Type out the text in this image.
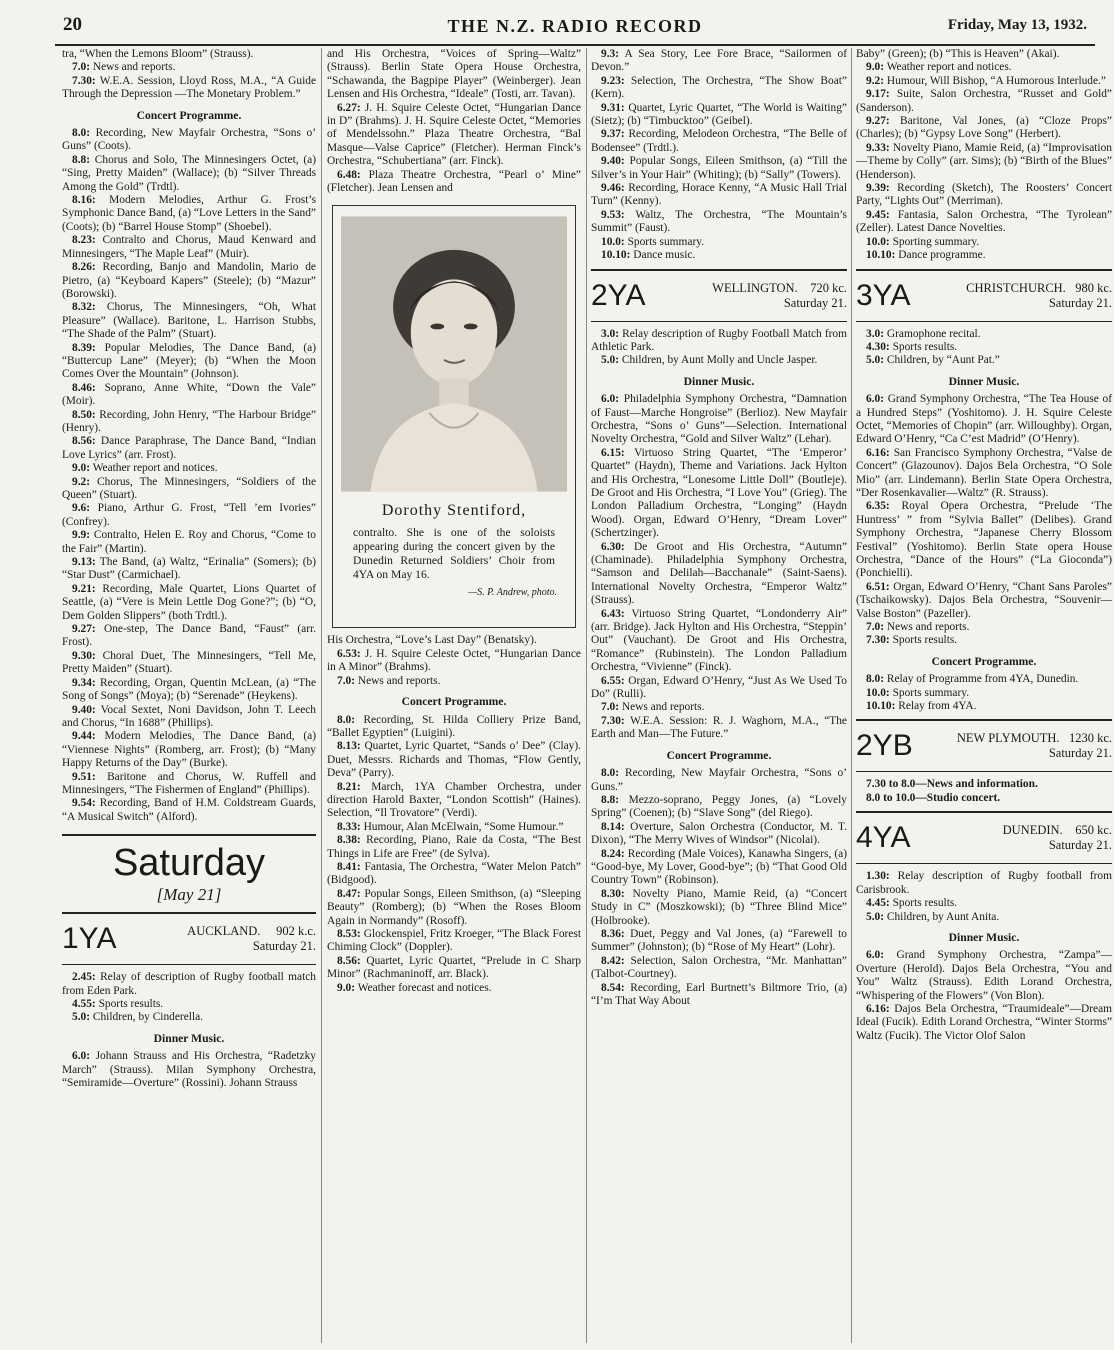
20	THE N.Z. RADIO RECORD	Friday, May 13, 1932.

tra, “When the Lemons Bloom” (Strauss).

7.0: News and reports.

7.30: W.E.A. Session, Lloyd Ross, M.A., “A Guide Through the Depression —The Monetary Problem.”

Concert Programme.

8.0: Recording, New Mayfair Orchestra, “Sons o’ Guns” (Coots).

8.8: Chorus and Solo, The Minnesingers Octet, (a) “Sing, Pretty Maiden” (Wallace); (b) “Silver Threads Among the Gold” (Trdtl).

8.16: Modern Melodies, Arthur G. Frost’s Symphonic Dance Band, (a) “Love Letters in the Sand” (Coots); (b) “Barrel House Stomp” (Shoebel).

8.23: Contralto and Chorus, Maud Kenward and Minnesingers, “The Maple Leaf” (Muir).

8.26: Recording, Banjo and Mandolin, Mario de Pietro, (a) “Keyboard Kapers” (Steele); (b) “Mazur” (Borowski).

8.32: Chorus, The Minnesingers, “Oh, What Pleasure” (Wallace). Baritone, L. Harrison Stubbs, “The Shade of the Palm” (Stuart).

8.39: Popular Melodies, The Dance Band, (a) “Buttercup Lane” (Meyer); (b) “When the Moon Comes Over the Mountain” (Johnson).

8.46: Soprano, Anne White, “Down the Vale” (Moir).

8.50: Recording, John Henry, “The Harbour Bridge” (Henry).

8.56: Dance Paraphrase, The Dance Band, “Indian Love Lyrics” (arr. Frost).

9.0: Weather report and notices.

9.2: Chorus, The Minnesingers, “Soldiers of the Queen” (Stuart).

9.6: Piano, Arthur G. Frost, “Tell ’em Ivories” (Confrey).

9.9: Contralto, Helen E. Roy and Chorus, “Come to the Fair” (Martin).

9.13: The Band, (a) Waltz, “Erinalia” (Somers); (b) “Star Dust” (Carmichael).

9.21: Recording, Male Quartet, Lions Quartet of Seattle, (a) “Vere is Mein Lettle Dog Gone?”; (b) “O, Dem Golden Slippers” (both Trdtl.).

9.27: One-step, The Dance Band, “Faust” (arr. Frost).

9.30: Choral Duet, The Minnesingers, “Tell Me, Pretty Maiden” (Stuart).

9.34: Recording, Organ, Quentin McLean, (a) “The Song of Songs” (Moya); (b) “Serenade” (Heykens).

9.40: Vocal Sextet, Noni Davidson, John T. Leech and Chorus, “In 1688” (Phillips).

9.44: Modern Melodies, The Dance Band, (a) “Viennese Nights” (Romberg, arr. Frost); (b) “Many Happy Returns of the Day” (Burke).

9.51: Baritone and Chorus, W. Ruffell and Minnesingers, “The Fishermen of England” (Phillips).

9.54: Recording, Band of H.M. Coldstream Guards, “A Musical Switch” (Alford).

Saturday
[May 21]
1YA	AUCKLAND. 902 k.c.
Saturday 21.

2.45: Relay of description of Rugby football match from Eden Park.

4.55: Sports results.

5.0: Children, by Cinderella.

Dinner Music.

6.0: Johann Strauss and His Orchestra, “Radetzky March” (Strauss). Milan Symphony Orchestra, “Semiramide—Overture” (Rossini). Johann Strauss

and His Orchestra, “Voices of Spring—Waltz” (Strauss). Berlin State Opera House Orchestra, “Schawanda, the Bagpipe Player” (Weinberger). Jean Lensen and His Orchestra, “Ideale” (Tosti, arr. Tavan).

6.27: J. H. Squire Celeste Octet, “Hungarian Dance in D” (Brahms). J. H. Squire Celeste Octet, “Memories of Mendelssohn.” Plaza Theatre Orchestra, “Bal Masque—Valse Caprice” (Fletcher). Herman Finck’s Orchestra, “Schubertiana” (arr. Finck).

6.48: Plaza Theatre Orchestra, “Pearl o’ Mine” (Fletcher). Jean Lensen and

Dorothy Stentiford,

contralto. She is one of the soloists appearing during the concert given by the Dunedin Returned Soldiers’ Choir from 4YA on May 16.

—S. P. Andrew, photo.

His Orchestra, “Love’s Last Day” (Benatsky).

6.53: J. H. Squire Celeste Octet, “Hungarian Dance in A Minor” (Brahms).

7.0: News and reports.

Concert Programme.

8.0: Recording, St. Hilda Colliery Prize Band, “Ballet Egyptien” (Luigini).

8.13: Quartet, Lyric Quartet, “Sands o’ Dee” (Clay). Duet, Messrs. Richards and Thomas, “Flow Gently, Deva” (Parry).

8.21: March, 1YA Chamber Orchestra, under direction Harold Baxter, “London Scottish” (Haines). Selection, “Il Trovatore” (Verdi).

8.33: Humour, Alan McElwain, “Some Humour.”

8.38: Recording, Piano, Raie da Costa, “The Best Things in Life are Free” (de Sylva).

8.41: Fantasia, The Orchestra, “Water Melon Patch” (Bidgood).

8.47: Popular Songs, Eileen Smithson, (a) “Sleeping Beauty” (Romberg); (b) “When the Roses Bloom Again in Normandy” (Rosoff).

8.53: Glockenspiel, Fritz Kroeger, “The Black Forest Chiming Clock” (Doppler).

8.56: Quartet, Lyric Quartet, “Prelude in C Sharp Minor” (Rachmaninoff, arr. Black).

9.0: Weather forecast and notices.

9.3: A Sea Story, Lee Fore Brace, “Sailormen of Devon.”

9.23: Selection, The Orchestra, “The Show Boat” (Kern).

9.31: Quartet, Lyric Quartet, “The World is Waiting” (Sietz); (b) “Timbucktoo” (Geibel).

9.37: Recording, Melodeon Orchestra, “The Belle of Bodensee” (Trdtl.).

9.40: Popular Songs, Eileen Smithson, (a) “Till the Silver’s in Your Hair” (Whiting); (b) “Sally” (Towers).

9.46: Recording, Horace Kenny, “A Music Hall Trial Turn” (Kenny).

9.53: Waltz, The Orchestra, “The Mountain’s Summit” (Faust).

10.0: Sports summary.

10.10: Dance music.

2YA	WELLINGTON. 720 kc.
Saturday 21.

3.0: Relay description of Rugby Football Match from Athletic Park.

5.0: Children, by Aunt Molly and Uncle Jasper.

Dinner Music.

6.0: Philadelphia Symphony Orchestra, “Damnation of Faust—Marche Hongroise” (Berlioz). New Mayfair Orchestra, “Sons o’ Guns”—Selection. International Novelty Orchestra, “Gold and Silver Waltz” (Lehar).

6.15: Virtuoso String Quartet, “The ‘Emperor’ Quartet” (Haydn), Theme and Variations. Jack Hylton and His Orchestra, “Lonesome Little Doll” (Boutleje). De Groot and His Orchestra, “I Love You” (Grieg). The London Palladium Orchestra, “Longing” (Haydn Wood). Organ, Edward O’Henry, “Dream Lover” (Schertzinger).

6.30: De Groot and His Orchestra, “Autumn” (Chaminade). Philadelphia Symphony Orchestra, “Samson and Delilah—Bacchanale” (Saint-Saens). International Novelty Orchestra, “Emperor Waltz” (Strauss).

6.43: Virtuoso String Quartet, “Londonderry Air” (arr. Bridge). Jack Hylton and His Orchestra, “Steppin’ Out” (Vauchant). De Groot and His Orchestra, “Romance” (Rubinstein). The London Palladium Orchestra, “Vivienne” (Finck).

6.55: Organ, Edward O’Henry, “Just As We Used To Do” (Rulli).

7.0: News and reports.

7.30: W.E.A. Session: R. J. Waghorn, M.A., “The Earth and Man—The Future.”

Concert Programme.

8.0: Recording, New Mayfair Orchestra, “Sons o’ Guns.”

8.8: Mezzo-soprano, Peggy Jones, (a) “Lovely Spring” (Coenen); (b) “Slave Song” (del Riego).

8.14: Overture, Salon Orchestra (Conductor, M. T. Dixon), “The Merry Wives of Windsor” (Nicolai).

8.24: Recording (Male Voices), Kanawha Singers, (a) “Good-bye, My Lover, Good-bye”; (b) “That Good Old Country Town” (Robinson).

8.30: Novelty Piano, Mamie Reid, (a) “Concert Study in C” (Moszkowski); (b) “Three Blind Mice” (Holbrooke).

8.36: Duet, Peggy and Val Jones, (a) “Farewell to Summer” (Johnston); (b) “Rose of My Heart” (Lohr).

8.42: Selection, Salon Orchestra, “Mr. Manhattan” (Talbot-Courtney).

8.54: Recording, Earl Burtnett’s Biltmore Trio, (a) “I’m That Way About

Baby” (Green); (b) “This is Heaven” (Akai).

9.0: Weather report and notices.

9.2: Humour, Will Bishop, “A Humorous Interlude.”

9.17: Suite, Salon Orchestra, “Russet and Gold” (Sanderson).

9.27: Baritone, Val Jones, (a) “Cloze Props” (Charles); (b) “Gypsy Love Song” (Herbert).

9.33: Novelty Piano, Mamie Reid, (a) “Improvisation—Theme by Colly” (arr. Sims); (b) “Birth of the Blues” (Henderson).

9.39: Recording (Sketch), The Roosters’ Concert Party, “Lights Out” (Merriman).

9.45: Fantasia, Salon Orchestra, “The Tyrolean” (Zeller). Latest Dance Novelties.

10.0: Sporting summary.

10.10: Dance programme.

3YA	CHRISTCHURCH. 980 kc.
Saturday 21.

3.0: Gramophone recital.

4.30: Sports results.

5.0: Children, by “Aunt Pat.”

Dinner Music.

6.0: Grand Symphony Orchestra, “The Tea House of a Hundred Steps” (Yoshitomo). J. H. Squire Celeste Octet, “Memories of Chopin” (arr. Willoughby). Organ, Edward O’Henry, “Ca C’est Madrid” (O’Henry).

6.16: San Francisco Symphony Orchestra, “Valse de Concert” (Glazounov). Dajos Bela Orchestra, “O Sole Mio” (arr. Lindemann). Berlin State Opera Orchestra, “Der Rosenkavalier—Waltz” (R. Strauss).

6.35: Royal Opera Orchestra, “Prelude ‘The Huntress’ ” from “Sylvia Ballet” (Delibes). Grand Symphony Orchestra, “Japanese Cherry Blossom Festival” (Yoshitomo). Berlin State opera House Orchestra, “Dance of the Hours” (“La Gioconda”) (Ponchielli).

6.51: Organ, Edward O’Henry, “Chant Sans Paroles” (Tschaikowsky). Dajos Bela Orchestra, “Souvenir—Valse Boston” (Pazeller).

7.0: News and reports.

7.30: Sports results.

Concert Programme.

8.0: Relay of Programme from 4YA, Dunedin.

10.0: Sports summary.

10.10: Relay from 4YA.

2YB	NEW PLYMOUTH. 1230 kc.
Saturday 21.

7.30 to 8.0—News and information.

8.0 to 10.0—Studio concert.

4YA	DUNEDIN. 650 kc.
Saturday 21.

1.30: Relay description of Rugby football from Carisbrook.

4.45: Sports results.

5.0: Children, by Aunt Anita.

Dinner Music.

6.0: Grand Symphony Orchestra, “Zampa”—Overture (Herold). Dajos Bela Orchestra, “You and You” Waltz (Strauss). Edith Lorand Orchestra, “Whispering of the Flowers” (Von Blon).

6.16: Dajos Bela Orchestra, “Traumideale”—Dream Ideal (Fucik). Edith Lorand Orchestra, “Winter Storms” Waltz (Fucik). The Victor Olof Salon
